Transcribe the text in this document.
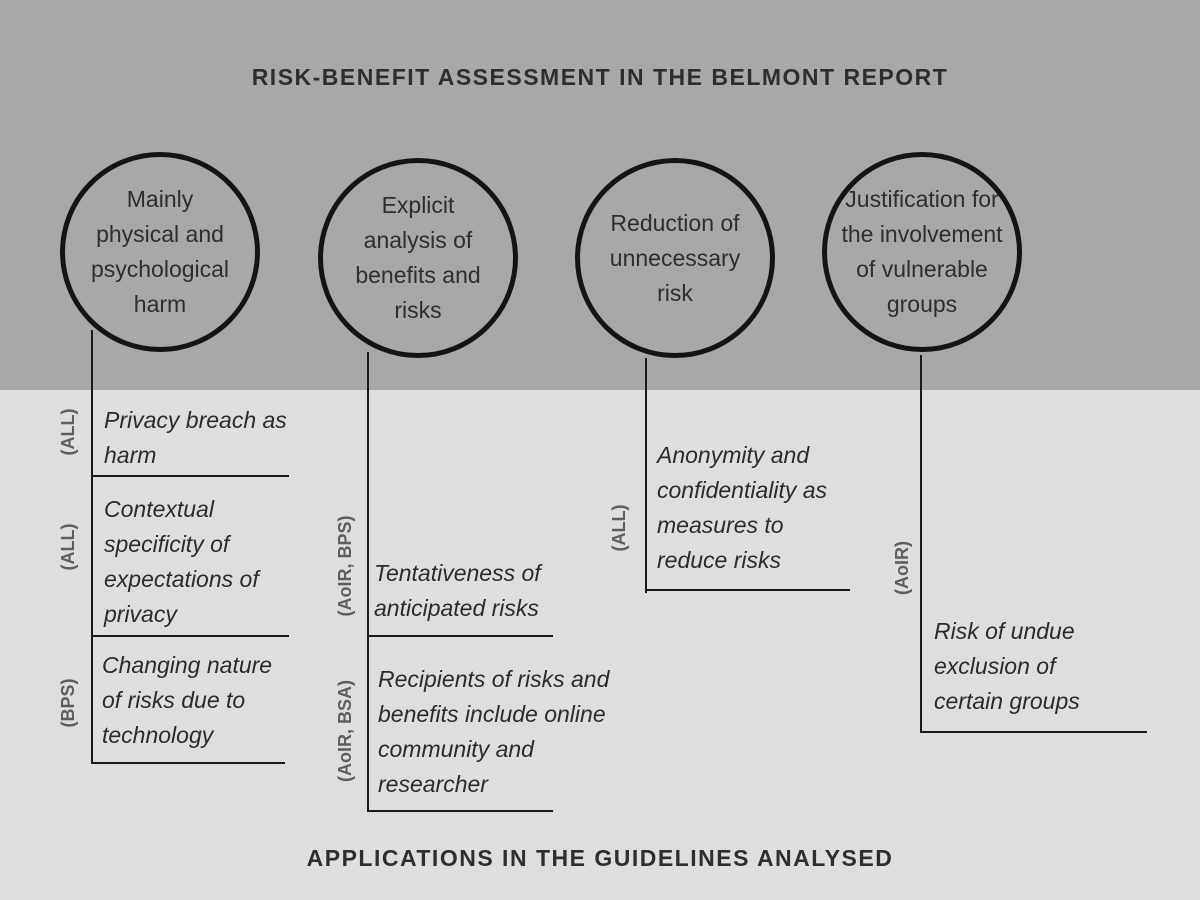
RISK-BENEFIT ASSESSMENT IN THE BELMONT REPORT
Mainly physical and psychological harm
Explicit analysis of benefits and risks
Reduction of unnecessary risk
Justification for the involvement of vulnerable groups
Privacy breach as harm
(ALL)
Contextual specificity of expectations of privacy
(ALL)
Changing nature of risks due to technology
(BPS)
Tentativeness of anticipated risks
(AoIR, BPS)
Recipients of risks and benefits include online community and researcher
(AoIR, BSA)
Anonymity and confidentiality as measures to reduce risks
(ALL)
Risk of undue exclusion of certain groups
(AoIR)
APPLICATIONS IN THE GUIDELINES ANALYSED
